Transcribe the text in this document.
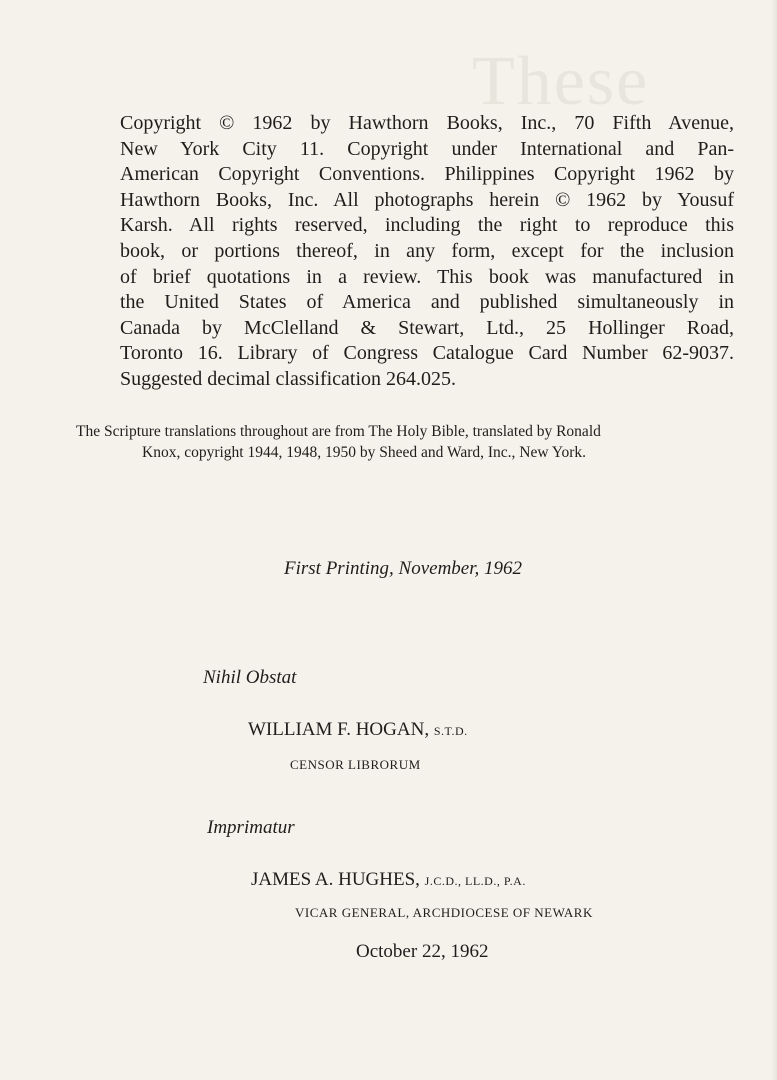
These
Copyright © 1962 by Hawthorn Books, Inc., 70 Fifth Avenue,
New York City 11. Copyright under International and Pan-
American Copyright Conventions. Philippines Copyright 1962 by
Hawthorn Books, Inc. All photographs herein © 1962 by Yousuf
Karsh. All rights reserved, including the right to reproduce this
book, or portions thereof, in any form, except for the inclusion
of brief quotations in a review. This book was manufactured in
the United States of America and published simultaneously in
Canada by McClelland & Stewart, Ltd., 25 Hollinger Road,
Toronto 16. Library of Congress Catalogue Card Number 62-9037.
Suggested decimal classification 264.025.
The Scripture translations throughout are from The Holy Bible, translated by Ronald
Knox, copyright 1944, 1948, 1950 by Sheed and Ward, Inc., New York.
First Printing, November, 1962
Nihil Obstat
WILLIAM F. HOGAN, S.T.D.
CENSOR LIBRORUM
Imprimatur
JAMES A. HUGHES, J.C.D., LL.D., P.A.
VICAR GENERAL, ARCHDIOCESE OF NEWARK
October 22, 1962
